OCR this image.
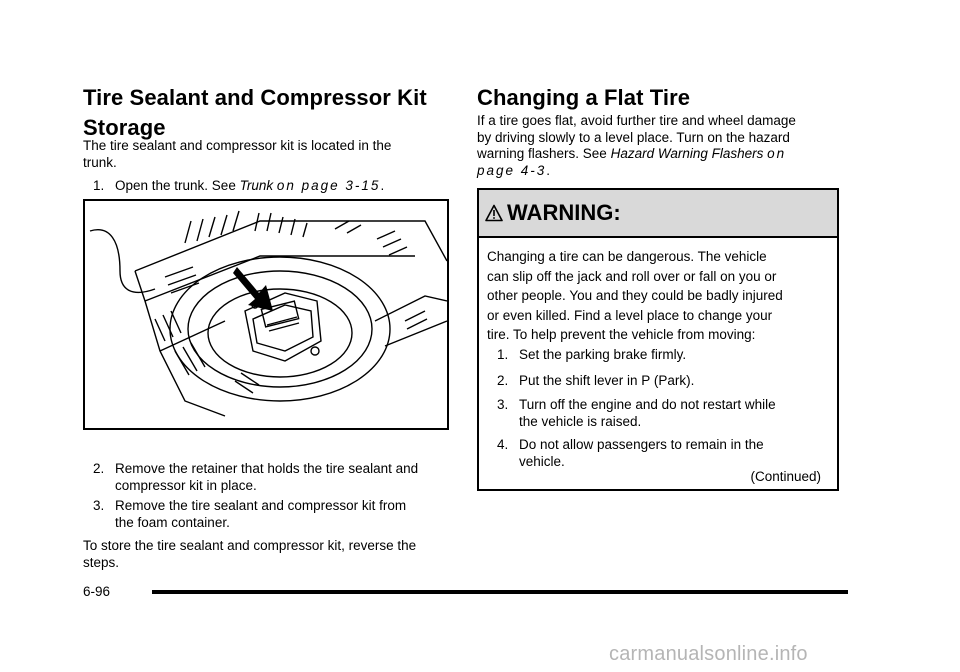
Tire Sealant and Compressor Kit
Storage
The tire sealant and compressor kit is located in the
trunk.
1. Open the trunk. See Trunk on page 3-15.
2. Remove the retainer that holds the tire sealant and
compressor kit in place.
3. Remove the tire sealant and compressor kit from
the foam container.
To store the tire sealant and compressor kit, reverse the
steps.
Changing a Flat Tire
If a tire goes flat, avoid further tire and wheel damage
by driving slowly to a level place. Turn on the hazard
warning flashers. See Hazard Warning Flashers on
page 4-3.
WARNING:
Changing a tire can be dangerous. The vehicle
can slip off the jack and roll over or fall on you or
other people. You and they could be badly injured
or even killed. Find a level place to change your
tire. To help prevent the vehicle from moving:
1. Set the parking brake firmly.
2. Put the shift lever in P (Park).
3. Turn off the engine and do not restart while
the vehicle is raised.
4. Do not allow passengers to remain in the
vehicle.
(Continued)
6-96
carmanualsonline.info
